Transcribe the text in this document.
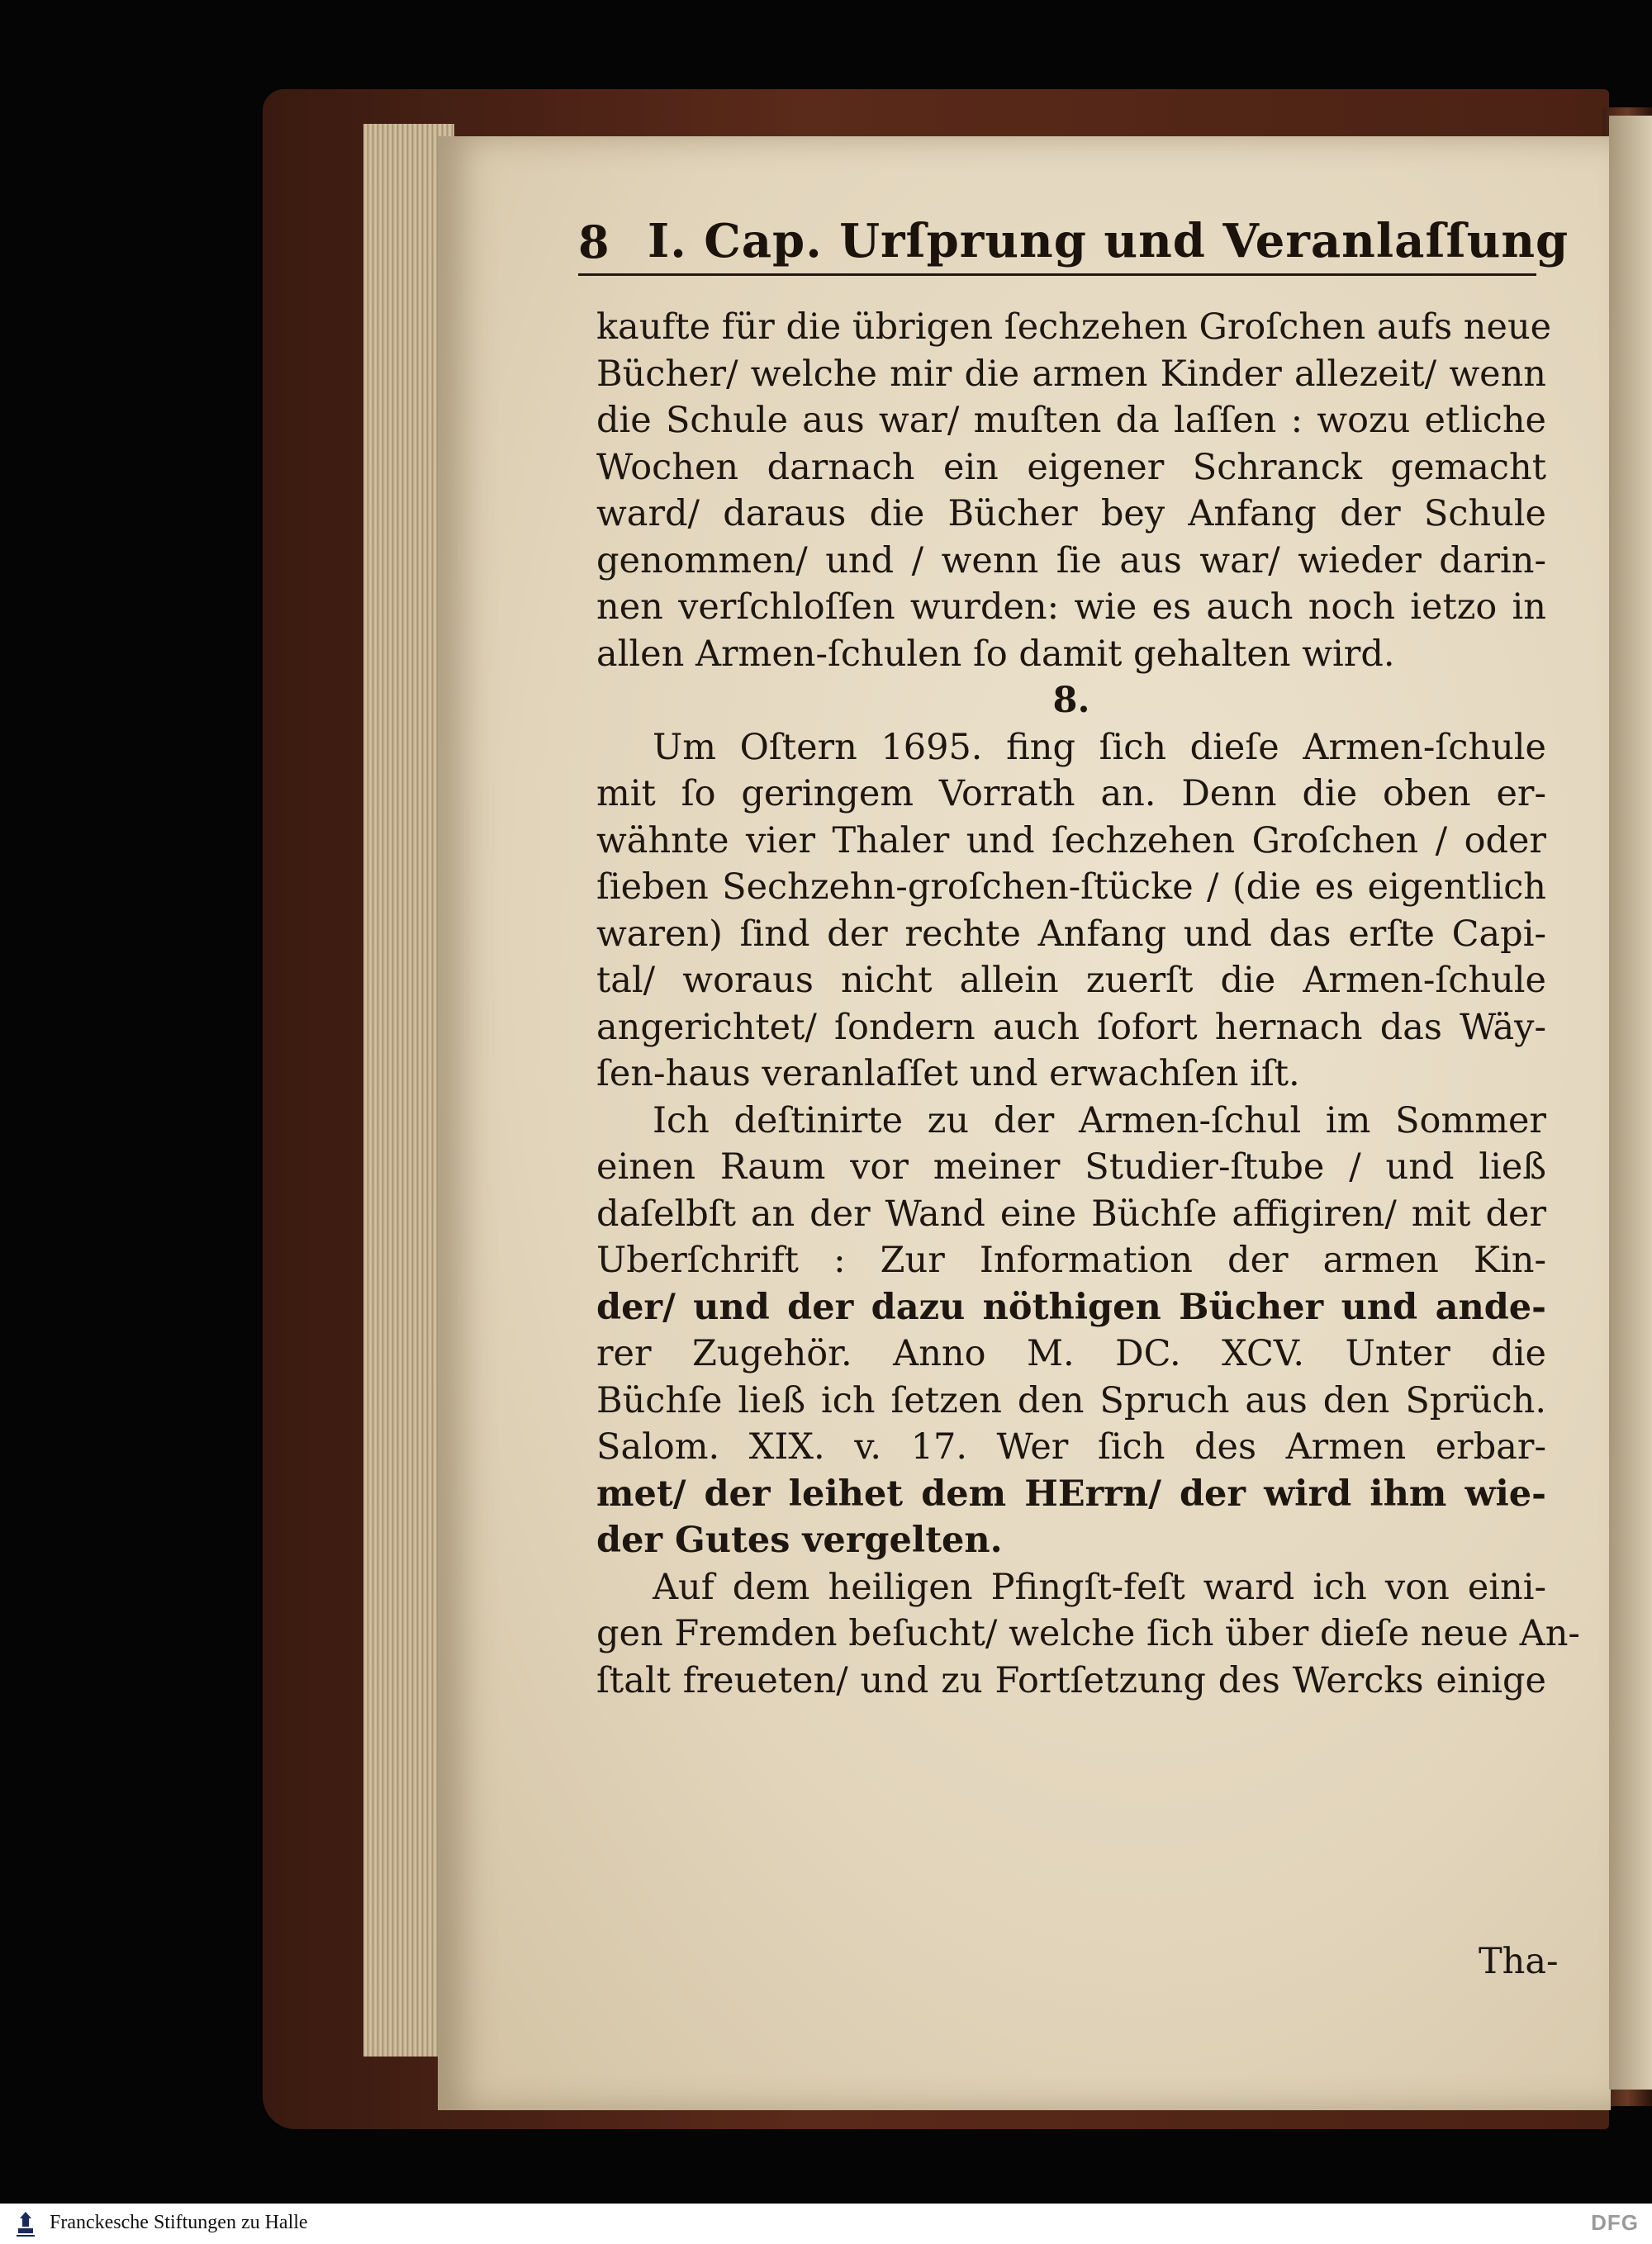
8 I. Cap. Urſprung und Veranlaſſung
kaufte für die übrigen ſechzehen Groſchen aufs neue
Bücher/ welche mir die armen Kinder allezeit/ wenn
die Schule aus war/ muſten da laſſen : wozu etliche
Wochen darnach ein eigener Schranck gemacht
ward/ daraus die Bücher bey Anfang der Schule
genommen/ und / wenn ſie aus war/ wieder darin-
nen verſchloſſen wurden: wie es auch noch ietzo in
allen Armen-ſchulen ſo damit gehalten wird.
8.
Um Oſtern 1695. fing ſich dieſe Armen-ſchule
mit ſo geringem Vorrath an. Denn die oben er-
wähnte vier Thaler und ſechzehen Groſchen / oder
ſieben Sechzehn-groſchen-ſtücke / (die es eigentlich
waren) ſind der rechte Anfang und das erſte Capi-
tal/ woraus nicht allein zuerſt die Armen-ſchule
angerichtet/ ſondern auch ſofort hernach das Wäy-
ſen-haus veranlaſſet und erwachſen iſt.
Ich deſtinirte zu der Armen-ſchul im Sommer
einen Raum vor meiner Studier-ſtube / und ließ
daſelbſt an der Wand eine Büchſe affigiren/ mit der
Uberſchrift : Zur Information der armen Kin-
der/ und der dazu nöthigen Bücher und ande-
rer Zugehör. Anno M. DC. XCV. Unter die
Büchſe ließ ich ſetzen den Spruch aus den Sprüch.
Salom. XIX. v. 17. Wer ſich des Armen erbar-
met/ der leihet dem HErrn/ der wird ihm wie-
der Gutes vergelten.
Auf dem heiligen Pfingſt-feſt ward ich von eini-
gen Fremden beſucht/ welche ſich über dieſe neue An-
ſtalt freueten/ und zu Fortſetzung des Wercks einige
Tha-
Franckesche Stiftungen zu Halle	DFG
